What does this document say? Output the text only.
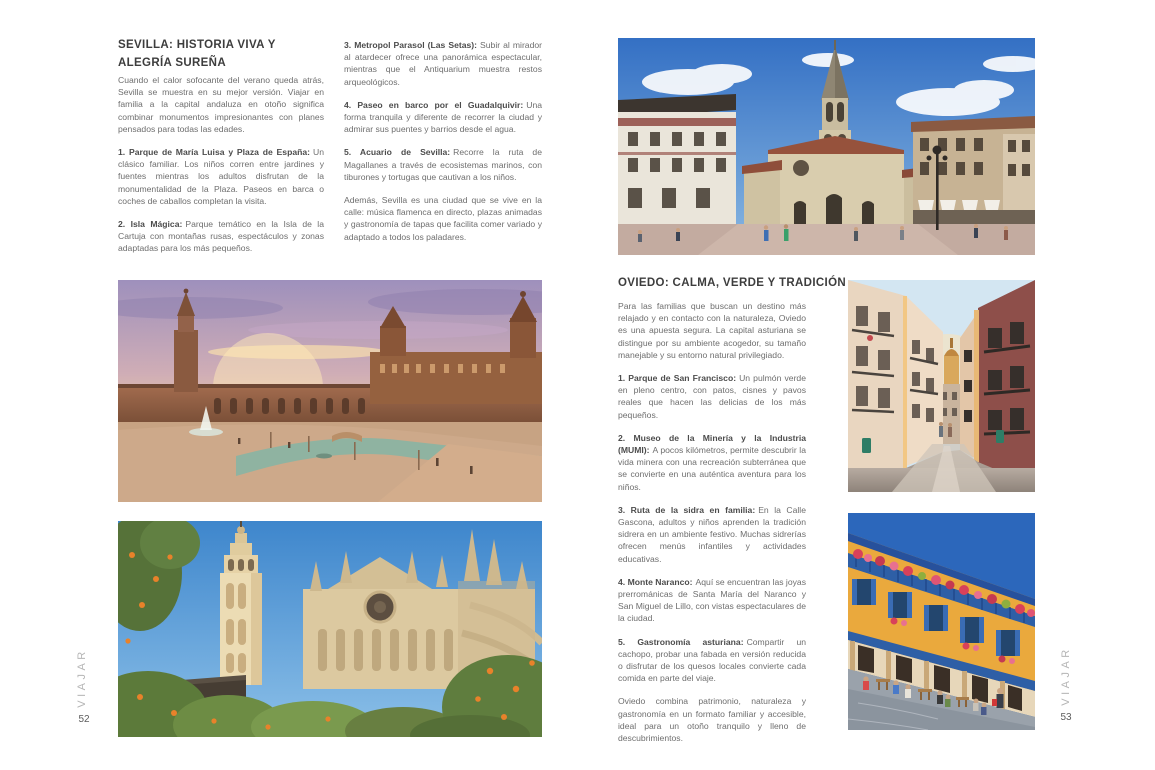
SEVILLA: HISTORIA VIVA Y
ALEGRÍA SUREÑA

Cuando el calor sofocante del verano queda atrás, Sevilla se muestra en su mejor versión. Viajar en familia a la capital andaluza en otoño significa combinar monumentos impresionantes con planes pensados para todas las edades.

1. Parque de María Luisa y Plaza de España: Un clásico familiar. Los niños corren entre jardines y fuentes mientras los adultos disfrutan de la monumentalidad de la Plaza. Paseos en barca o coches de caballos completan la visita.

2. Isla Mágica: Parque temático en la Isla de la Cartuja con montañas rusas, espectáculos y zonas adaptadas para los más pequeños.

3. Metropol Parasol (Las Setas): Subir al mirador al atardecer ofrece una panorámica espectacular, mientras que el Antiquarium muestra restos arqueológicos.

4. Paseo en barco por el Guadalquivir: Una forma tranquila y diferente de recorrer la ciudad y admirar sus puentes y barrios desde el agua.

5. Acuario de Sevilla: Recorre la ruta de Magallanes a través de ecosistemas marinos, con tiburones y tortugas que cautivan a los niños.

Además, Sevilla es una ciudad que se vive en la calle: música flamenca en directo, plazas animadas y gastronomía de tapas que facilita comer variado y adaptado a todos los paladares.

VIAJAR
52
OVIEDO: CALMA, VERDE Y TRADICIÓN

Para las familias que buscan un destino más relajado y en contacto con la naturaleza, Oviedo es una apuesta segura. La capital asturiana se distingue por su ambiente acogedor, su tamaño manejable y su entorno natural privilegiado.

1. Parque de San Francisco: Un pulmón verde en pleno centro, con patos, cisnes y pavos reales que hacen las delicias de los más pequeños.

2. Museo de la Minería y la Industria (MUMI): A pocos kilómetros, permite descubrir la vida minera con una recreación subterránea que se convierte en una auténtica aventura para los niños.

3. Ruta de la sidra en familia: En la Calle Gascona, adultos y niños aprenden la tradición sidrera en un ambiente festivo. Muchas sidrerías ofrecen menús infantiles y actividades educativas.

4. Monte Naranco: Aquí se encuentran las joyas prerrománicas de Santa María del Naranco y San Miguel de Lillo, con vistas espectaculares de la ciudad.

5. Gastronomía asturiana: Compartir un cachopo, probar una fabada en versión reducida o disfrutar de los quesos locales convierte cada comida en parte del viaje.

Oviedo combina patrimonio, naturaleza y gastronomía en un formato familiar y accesible, ideal para un otoño tranquilo y lleno de descubrimientos.

VIAJAR
53
